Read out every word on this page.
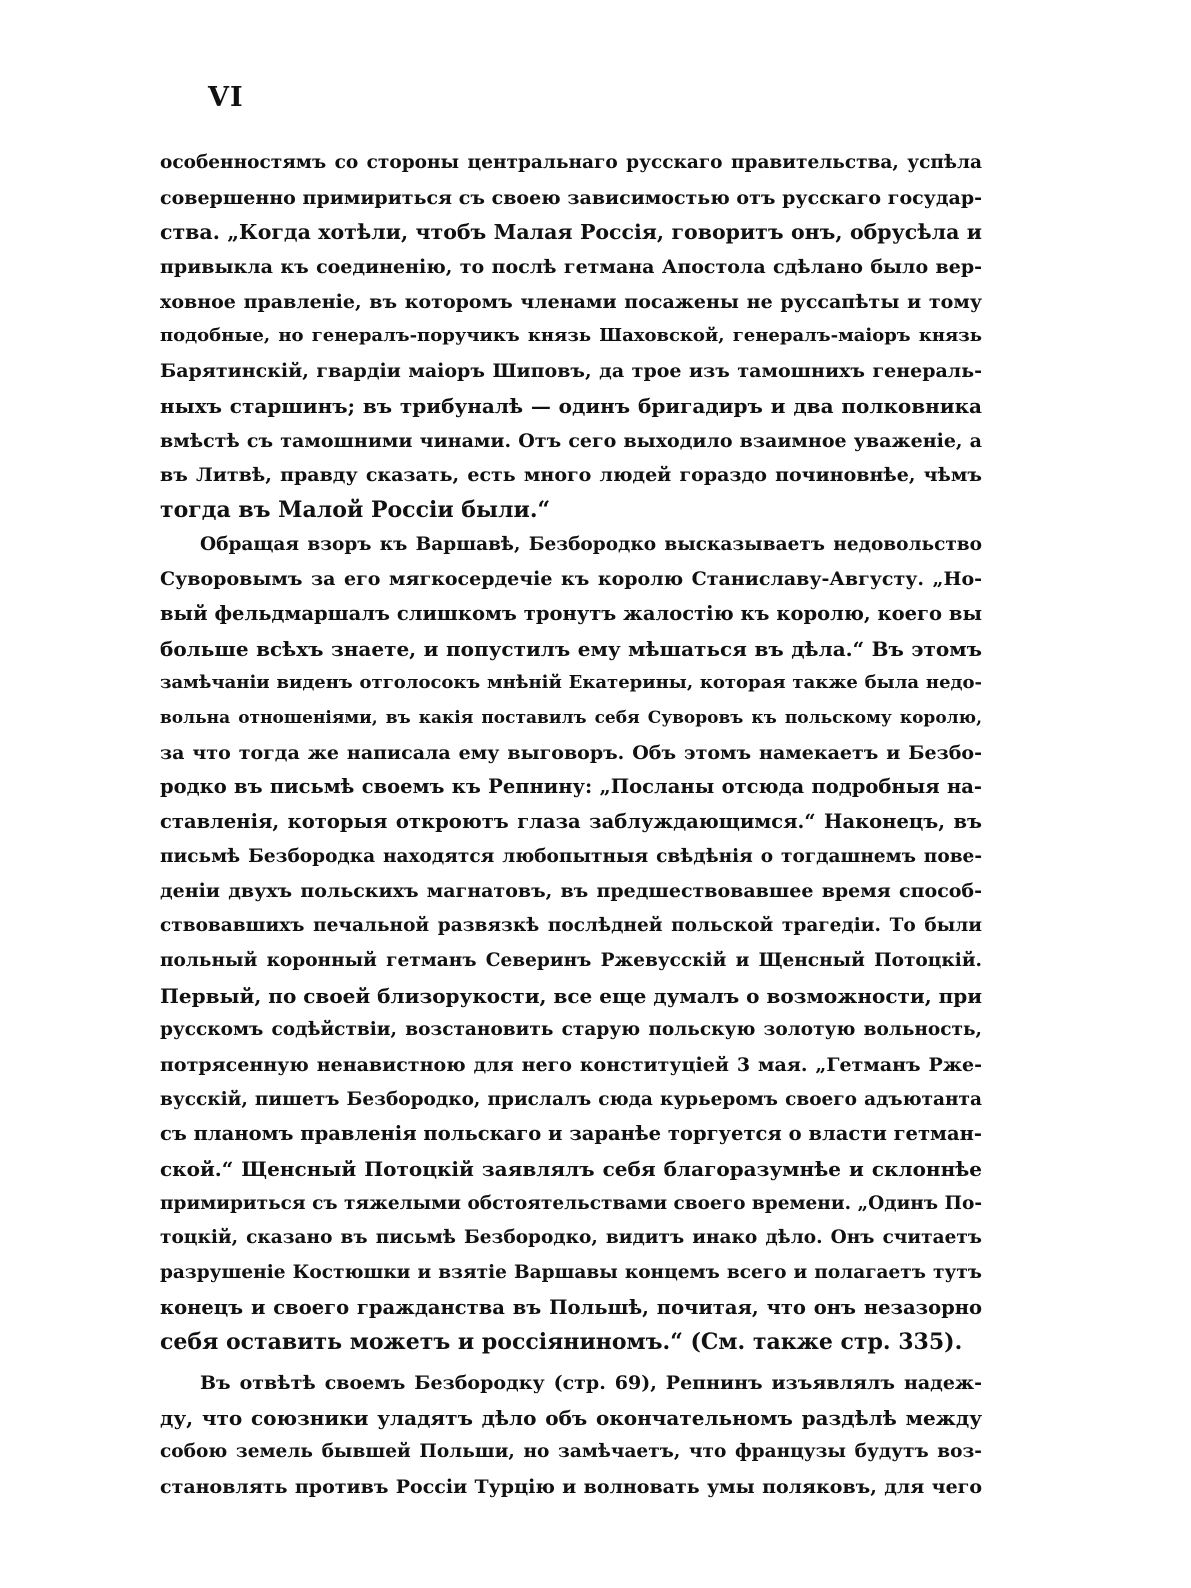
VI
особенностямъ со стороны центральнаго русскаго правительства, успѣла
совершенно примириться съ своею зависимостью отъ русскаго государ-
ства. „Когда хотѣли, чтобъ Малая Россія, говоритъ онъ, обрусѣла и
привыкла къ соединенію, то послѣ гетмана Апостола сдѣлано было вер-
ховное правленіе, въ которомъ членами посажены не руссапѣты и тому
подобные, но генералъ-поручикъ князь Шаховской, генералъ-маіоръ князь
Барятинскій, гвардіи маіоръ Шиповъ, да трое изъ тамошнихъ генераль-
ныхъ старшинъ; въ трибуналѣ — одинъ бригадиръ и два полковника
вмѣстѣ съ тамошними чинами. Отъ сего выходило взаимное уваженіе, а
въ Литвѣ, правду сказать, есть много людей гораздо починовнѣе, чѣмъ
тогда въ Малой Россіи были.“
Обращая взоръ къ Варшавѣ, Безбородко высказываетъ недовольство
Суворовымъ за его мягкосердечіе къ королю Станиславу-Августу. „Но-
вый фельдмаршалъ слишкомъ тронутъ жалостію къ королю, коего вы
больше всѣхъ знаете, и попустилъ ему мѣшаться въ дѣла.“ Въ этомъ
замѣчаніи виденъ отголосокъ мнѣній Екатерины, которая также была недо-
вольна отношеніями, въ какія поставилъ себя Суворовъ къ польскому королю,
за что тогда же написала ему выговоръ. Объ этомъ намекаетъ и Безбо-
родко въ письмѣ своемъ къ Репнину: „Посланы отсюда подробныя на-
ставленія, которыя откроютъ глаза заблуждающимся.“ Наконецъ, въ
письмѣ Безбородка находятся любопытныя свѣдѣнія о тогдашнемъ пове-
деніи двухъ польскихъ магнатовъ, въ предшествовавшее время способ-
ствовавшихъ печальной развязкѣ послѣдней польской трагедіи. То были
польный коронный гетманъ Северинъ Ржевусскій и Щенсный Потоцкій.
Первый, по своей близорукости, все еще думалъ о возможности, при
русскомъ содѣйствіи, возстановить старую польскую золотую вольность,
потрясенную ненавистною для него конституціей 3 мая. „Гетманъ Рже-
вусскій, пишетъ Безбородко, прислалъ сюда курьеромъ своего адъютанта
съ планомъ правленія польскаго и заранѣе торгуется о власти гетман-
ской.“ Щенсный Потоцкій заявлялъ себя благоразумнѣе и склоннѣе
примириться съ тяжелыми обстоятельствами своего времени. „Одинъ По-
тоцкій, сказано въ письмѣ Безбородко, видитъ инако дѣло. Онъ считаетъ
разрушеніе Костюшки и взятіе Варшавы концемъ всего и полагаетъ тутъ
конецъ и своего гражданства въ Польшѣ, почитая, что онъ незазорно
себя оставить можетъ и россіяниномъ.“ (См. также стр. 335).
Въ отвѣтѣ своемъ Безбородку (стр. 69), Репнинъ изъявлялъ надеж-
ду, что союзники уладятъ дѣло объ окончательномъ раздѣлѣ между
собою земель бывшей Польши, но замѣчаетъ, что французы будутъ воз-
становлять противъ Россіи Турцію и волновать умы поляковъ, для чего
